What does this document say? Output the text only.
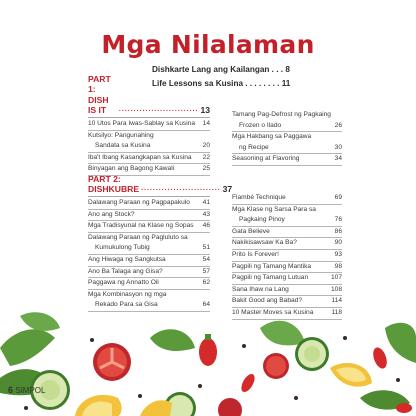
Mga Nilalaman
Dishkarte Lang ang Kailangan . . . 8
Life Lessons sa Kusina . . . . . . . . 11
PART 1: DISH IS IT	........................... 13
10 Utos Para Iwas-Sablay sa Kusina	14
Kutsilyo: Pangunahing
Sandata sa Kusina	20
Iba't Ibang Kasangkapan sa Kusina	22
Binyagan ang Bagong Kawali	25
Tamang Pag-Defrost ng Pagkaing
Frozen o Ilado	26
Mga Hakbang sa Paggawa
ng Recipe	30
Seasoning at Flavoring	34
PART 2: DISHKUBRE ........................... 37
Dalawang Paraan ng Pagpapakulo	41
Ano ang Stock?	43
Mga Tradisyunal na Klase ng Sopas	46
Dalawang Paraan ng Pagluluto sa
Kumukulong Tubig	51
Ang Hiwaga ng Sangkutsa	54
Ano Ba Talaga ang Gisa?	57
Paggawa ng Annatto Oil	62
Mga Kombinasyon ng mga
Rekado Para sa Gisa	64
Flambé Technique	69
Mga Klase ng Sarsa Para sa
Pagkaing Pinoy	76
Gata Believe	86
Nakikisawsaw Ka Ba?	90
Prito Is Forever!	93
Pagpili ng Tamang Mantika	98
Pagpili ng Tamang Lutuan	107
Sana Ihaw na Lang	108
Bakit Good ang Babad?	114
10 Master Moves sa Kusina	118
6 SIMPOL
